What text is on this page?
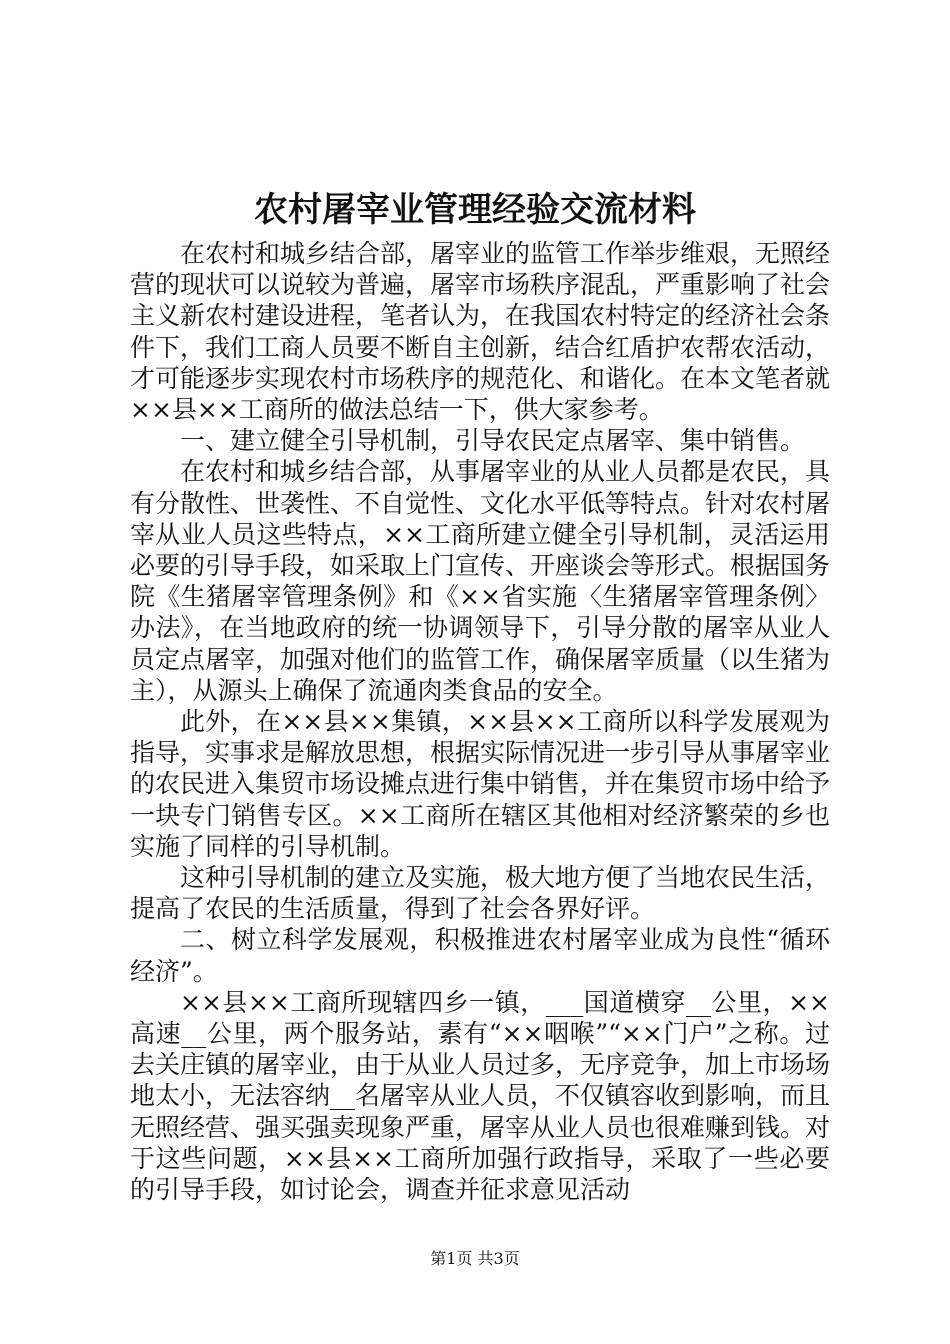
农村屠宰业管理经验交流材料

在农村和城乡结合部，屠宰业的监管工作举步维艰，无照经营的现状可以说较为普遍，屠宰市场秩序混乱，严重影响了社会主义新农村建设进程，笔者认为，在我国农村特定的经济社会条件下，我们工商人员要不断自主创新，结合红盾护农帮农活动，才可能逐步实现农村市场秩序的规范化、和谐化。在本文笔者就××县××工商所的做法总结一下，供大家参考。

一、建立健全引导机制，引导农民定点屠宰、集中销售。

在农村和城乡结合部，从事屠宰业的从业人员都是农民，具有分散性、世袭性、不自觉性、文化水平低等特点。针对农村屠宰从业人员这些特点，××工商所建立健全引导机制，灵活运用必要的引导手段，如采取上门宣传、开座谈会等形式。根据国务院《生猪屠宰管理条例》和《××省实施〈生猪屠宰管理条例〉办法》，在当地政府的统一协调领导下，引导分散的屠宰从业人员定点屠宰，加强对他们的监管工作，确保屠宰质量（以生猪为主），从源头上确保了流通肉类食品的安全。

此外，在××县××集镇，××县××工商所以科学发展观为指导，实事求是解放思想，根据实际情况进一步引导从事屠宰业的农民进入集贸市场设摊点进行集中销售，并在集贸市场中给予一块专门销售专区。××工商所在辖区其他相对经济繁荣的乡也实施了同样的引导机制。

这种引导机制的建立及实施，极大地方便了当地农民生活，提高了农民的生活质量，得到了社会各界好评。

二、树立科学发展观，积极推进农村屠宰业成为良性“循环经济”。

××县××工商所现辖四乡一镇，___国道横穿__公里，××高速__公里，两个服务站，素有“××咽喉”“××门户”之称。过去关庄镇的屠宰业，由于从业人员过多，无序竞争，加上市场场地太小，无法容纳__名屠宰从业人员，不仅镇容收到影响，而且无照经营、强买强卖现象严重，屠宰从业人员也很难赚到钱。对于这些问题，××县××工商所加强行政指导，采取了一些必要的引导手段，如讨论会，调查并征求意见活动

第1页 共3页
